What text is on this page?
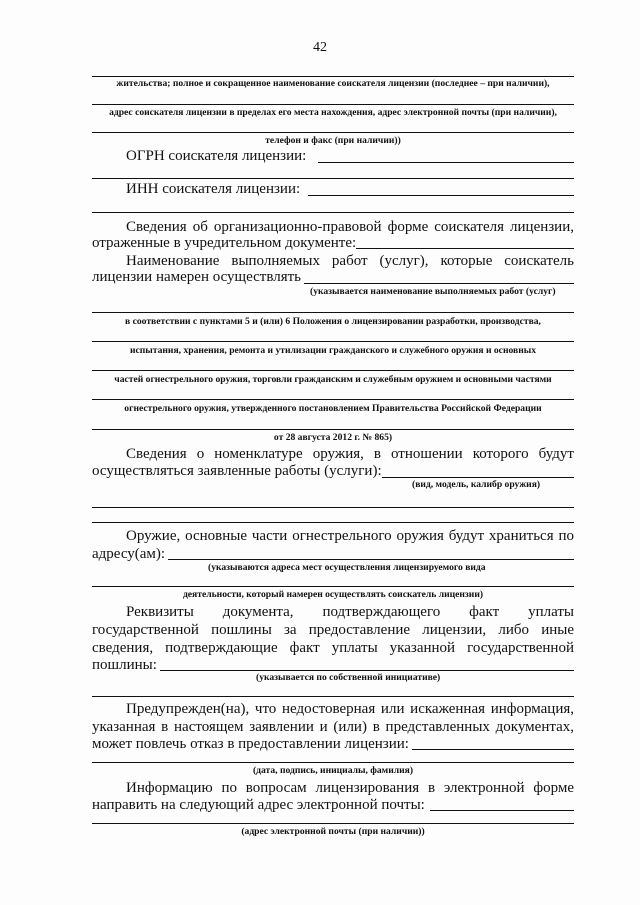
42
жительства; полное и сокращенное наименование соискателя лицензии (последнее – при наличии),
адрес соискателя лицензии в пределах его места нахождения, адрес электронной почты (при наличии),
телефон и факс (при наличии))
ОГРН соискателя лицензии:
ИНН соискателя лицензии:
Сведения об организационно-правовой форме соискателя лицензии,
отраженные в учредительном документе:
Наименование выполняемых работ (услуг), которые соискатель
лицензии намерен осуществлять
(указывается наименование выполняемых работ (услуг)
в соответствии с пунктами 5 и (или) 6 Положения о лицензировании разработки, производства,
испытания, хранения, ремонта и утилизации гражданского и служебного оружия и основных
частей огнестрельного оружия, торговли гражданским и служебным оружием и основными частями
огнестрельного оружия, утвержденного постановлением Правительства Российской Федерации
от 28 августа 2012 г. № 865)
Сведения о номенклатуре оружия, в отношении которого будут
осуществляться заявленные работы (услуги):
(вид, модель, калибр оружия)
Оружие, основные части огнестрельного оружия будут храниться по
адресу(ам):
(указываются адреса мест осуществления лицензируемого вида
деятельности, который намерен осуществлять соискатель лицензии)
Реквизиты документа, подтверждающего факт уплаты
государственной пошлины за предоставление лицензии, либо иные
сведения, подтверждающие факт уплаты указанной государственной
пошлины:
(указывается по собственной инициативе)
Предупрежден(на), что недостоверная или искаженная информация,
указанная в настоящем заявлении и (или) в представленных документах,
может повлечь отказ в предоставлении лицензии:
(дата, подпись, инициалы, фамилия)
Информацию по вопросам лицензирования в электронной форме
направить на следующий адрес электронной почты:
(адрес электронной почты (при наличии))
